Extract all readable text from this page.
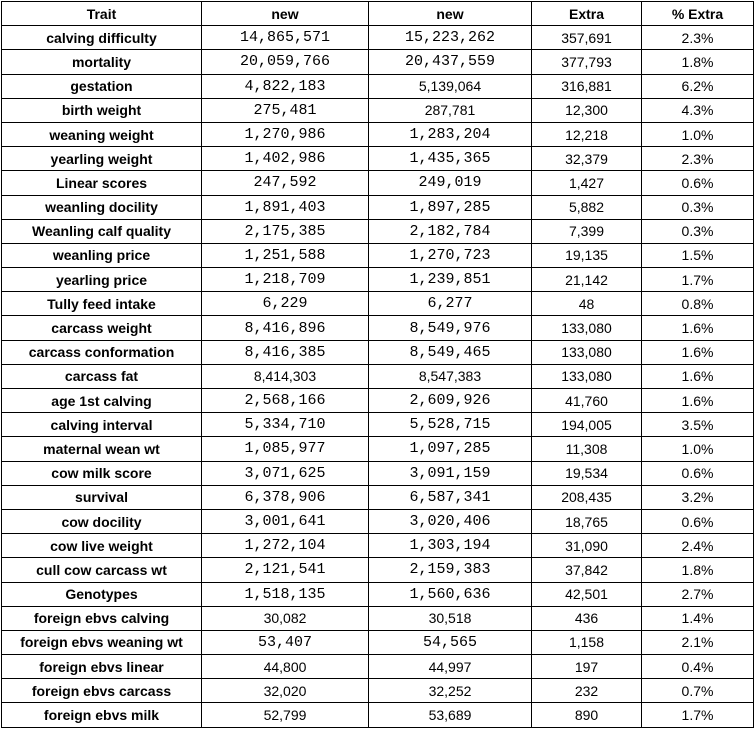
Trait	new	new	Extra	% Extra
calving difficulty	14,865,571	15,223,262	357,691	2.3%
mortality	20,059,766	20,437,559	377,793	1.8%
gestation	4,822,183	5,139,064	316,881	6.2%
birth weight	275,481	287,781	12,300	4.3%
weaning weight	1,270,986	1,283,204	12,218	1.0%
yearling weight	1,402,986	1,435,365	32,379	2.3%
Linear scores	247,592	249,019	1,427	0.6%
weanling docility	1,891,403	1,897,285	5,882	0.3%
Weanling calf quality	2,175,385	2,182,784	7,399	0.3%
weanling price	1,251,588	1,270,723	19,135	1.5%
yearling price	1,218,709	1,239,851	21,142	1.7%
Tully feed intake	6,229	6,277	48	0.8%
carcass weight	8,416,896	8,549,976	133,080	1.6%
carcass conformation	8,416,385	8,549,465	133,080	1.6%
carcass fat	8,414,303	8,547,383	133,080	1.6%
age 1st calving	2,568,166	2,609,926	41,760	1.6%
calving interval	5,334,710	5,528,715	194,005	3.5%
maternal wean wt	1,085,977	1,097,285	11,308	1.0%
cow milk score	3,071,625	3,091,159	19,534	0.6%
survival	6,378,906	6,587,341	208,435	3.2%
cow docility	3,001,641	3,020,406	18,765	0.6%
cow live weight	1,272,104	1,303,194	31,090	2.4%
cull cow carcass wt	2,121,541	2,159,383	37,842	1.8%
Genotypes	1,518,135	1,560,636	42,501	2.7%
foreign ebvs calving	30,082	30,518	436	1.4%
foreign ebvs weaning wt	53,407	54,565	1,158	2.1%
foreign ebvs linear	44,800	44,997	197	0.4%
foreign ebvs carcass	32,020	32,252	232	0.7%
foreign ebvs milk	52,799	53,689	890	1.7%
